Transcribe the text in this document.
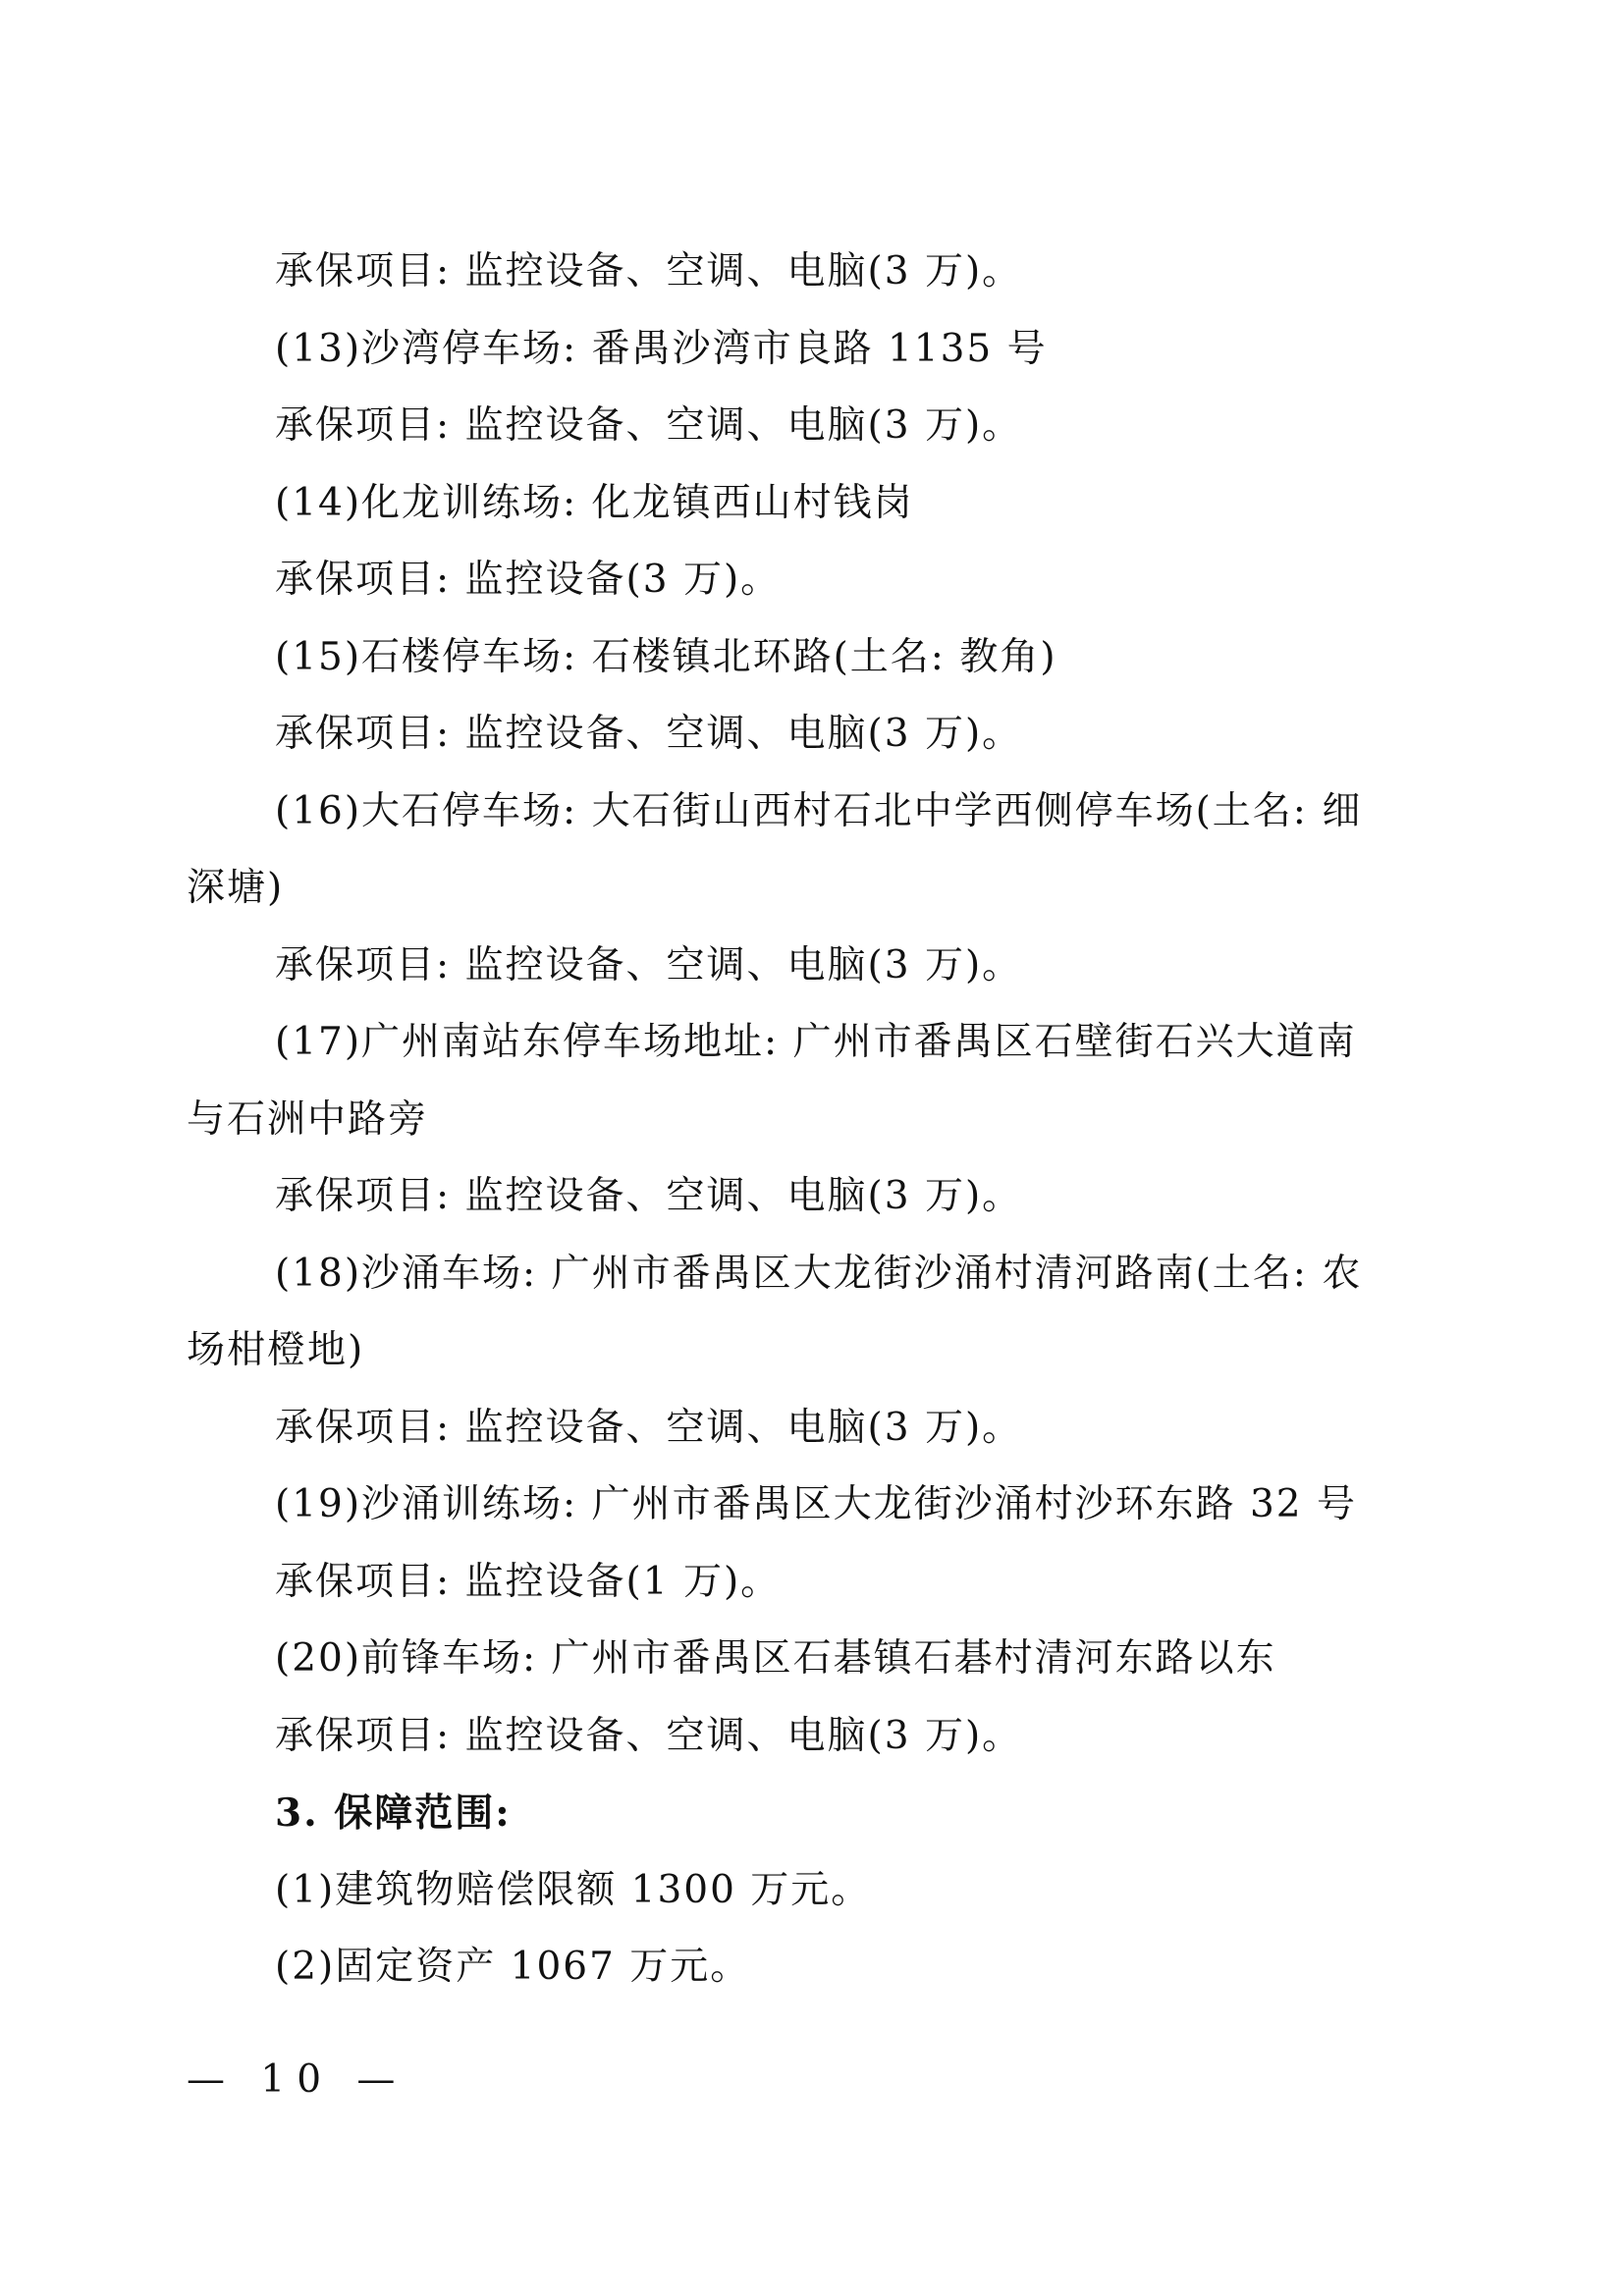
承保项目: 监控设备、空调、电脑(3 万)。
(13)沙湾停车场: 番禺沙湾市良路 1135 号
承保项目: 监控设备、空调、电脑(3 万)。
(14)化龙训练场: 化龙镇西山村钱岗
承保项目: 监控设备(3 万)。
(15)石楼停车场: 石楼镇北环路(土名: 教角)
承保项目: 监控设备、空调、电脑(3 万)。
(16)大石停车场: 大石街山西村石北中学西侧停车场(土名: 细
深塘)
承保项目: 监控设备、空调、电脑(3 万)。
(17)广州南站东停车场地址: 广州市番禺区石壁街石兴大道南
与石洲中路旁
承保项目: 监控设备、空调、电脑(3 万)。
(18)沙涌车场: 广州市番禺区大龙街沙涌村清河路南(土名: 农
场柑橙地)
承保项目: 监控设备、空调、电脑(3 万)。
(19)沙涌训练场: 广州市番禺区大龙街沙涌村沙环东路 32 号
承保项目: 监控设备(1 万)。
(20)前锋车场: 广州市番禺区石碁镇石碁村清河东路以东
承保项目: 监控设备、空调、电脑(3 万)。
3. 保障范围:
(1)建筑物赔偿限额 1300 万元。
(2)固定资产 1067 万元。
— 10 —
